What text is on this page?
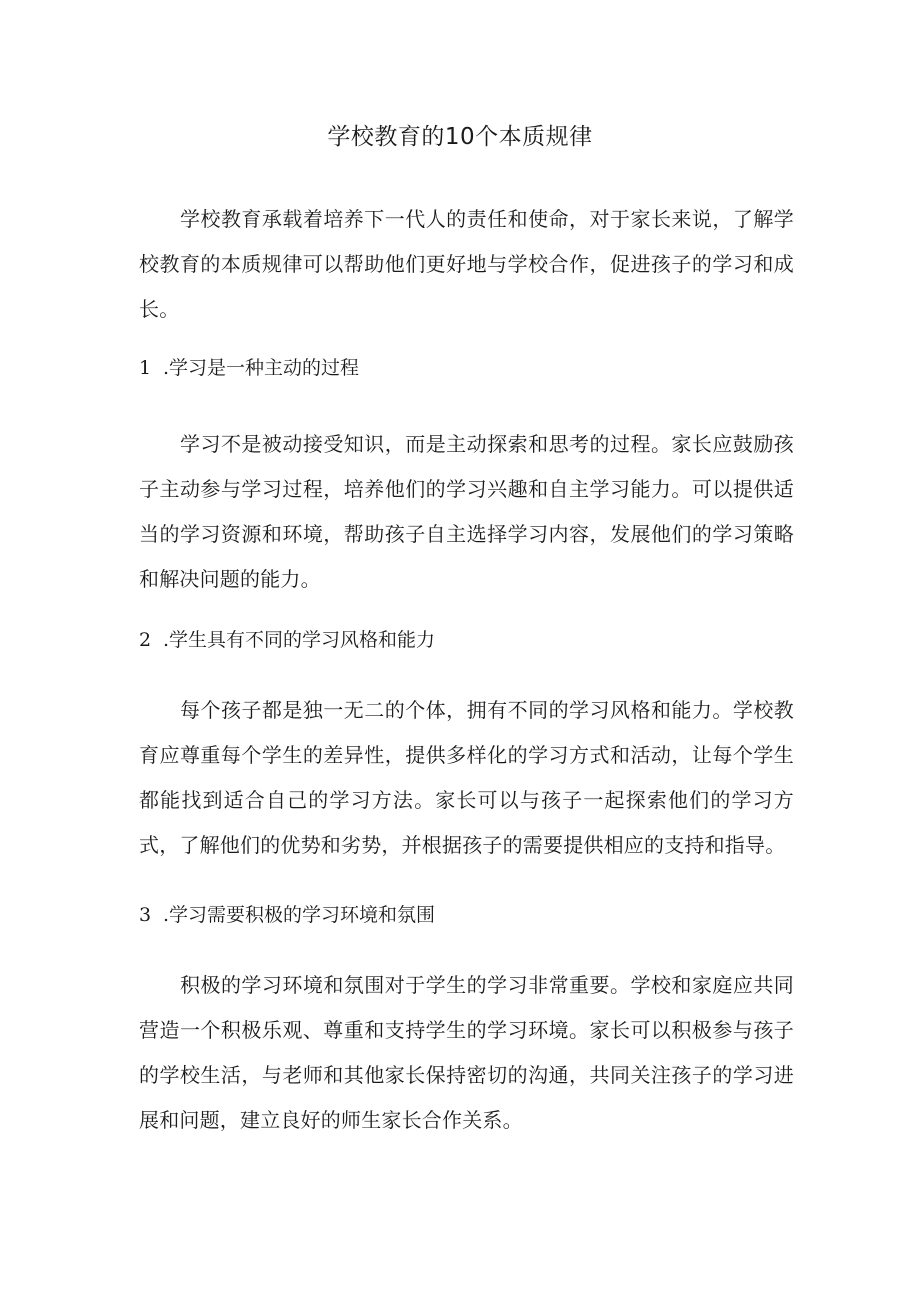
学校教育的10个本质规律

学校教育承载着培养下一代人的责任和使命，对于家长来说，了解学校教育的本质规律可以帮助他们更好地与学校合作，促进孩子的学习和成长。

1 .学习是一种主动的过程

学习不是被动接受知识，而是主动探索和思考的过程。家长应鼓励孩子主动参与学习过程，培养他们的学习兴趣和自主学习能力。可以提供适当的学习资源和环境，帮助孩子自主选择学习内容，发展他们的学习策略和解决问题的能力。

2 .学生具有不同的学习风格和能力

每个孩子都是独一无二的个体，拥有不同的学习风格和能力。学校教育应尊重每个学生的差异性，提供多样化的学习方式和活动，让每个学生都能找到适合自己的学习方法。家长可以与孩子一起探索他们的学习方式，了解他们的优势和劣势，并根据孩子的需要提供相应的支持和指导。

3 .学习需要积极的学习环境和氛围

积极的学习环境和氛围对于学生的学习非常重要。学校和家庭应共同营造一个积极乐观、尊重和支持学生的学习环境。家长可以积极参与孩子的学校生活，与老师和其他家长保持密切的沟通，共同关注孩子的学习进展和问题，建立良好的师生家长合作关系。
